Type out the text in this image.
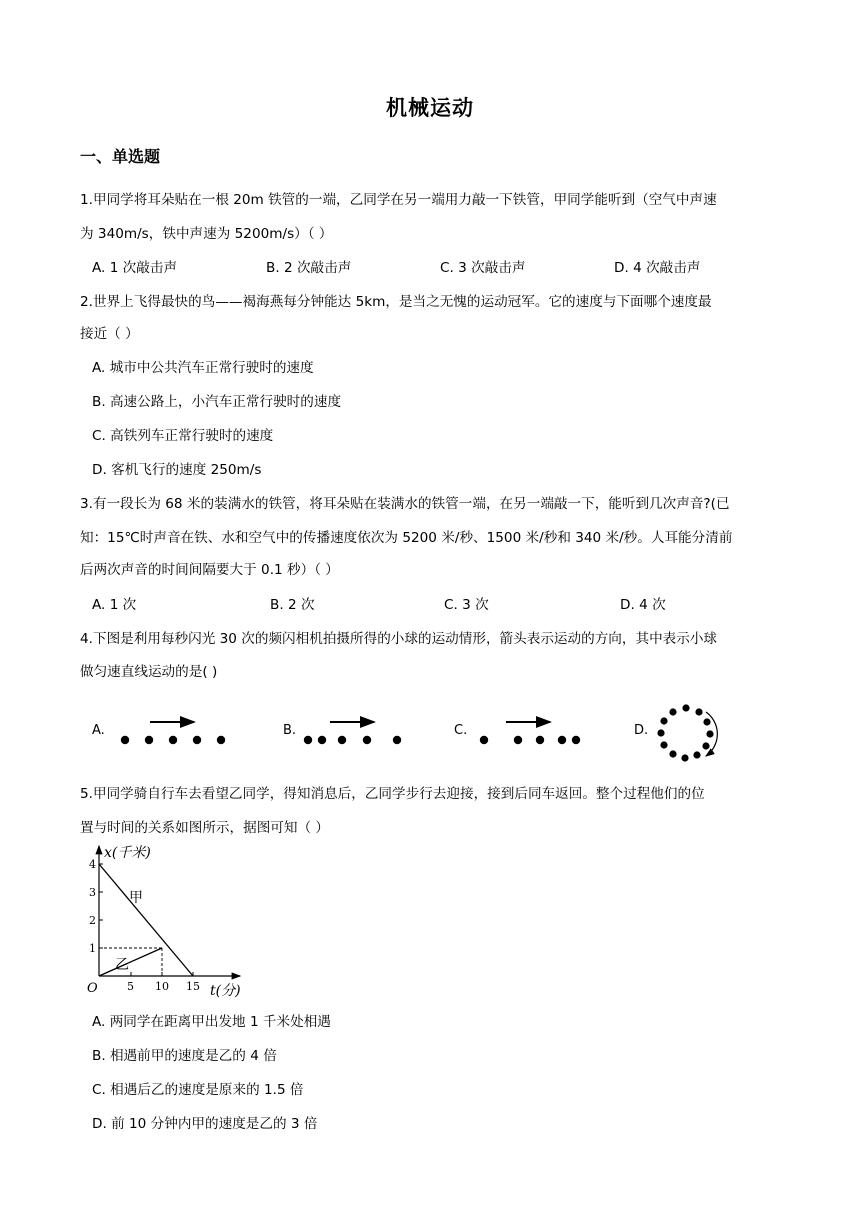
机械运动
一、单选题
1.甲同学将耳朵贴在一根 20m 铁管的一端，乙同学在另一端用力敲一下铁管，甲同学能听到（空气中声速
为 340m/s，铁中声速为 5200m/s）（ ）
A. 1 次敲击声	B. 2 次敲击声	C. 3 次敲击声	D. 4 次敲击声
2.世界上飞得最快的鸟——褐海燕每分钟能达 5km，是当之无愧的运动冠军。它的速度与下面哪个速度最
接近（ ）
A. 城市中公共汽车正常行驶时的速度
B. 高速公路上，小汽车正常行驶时的速度
C. 高铁列车正常行驶时的速度
D. 客机飞行的速度 250m/s
3.有一段长为 68 米的装满水的铁管，将耳朵贴在装满水的铁管一端，在另一端敲一下，能听到几次声音?(已
知：15℃时声音在铁、水和空气中的传播速度依次为 5200 米/秒、1500 米/秒和 340 米/秒。人耳能分清前
后两次声音的时间间隔要大于 0.1 秒）（ ）
A. 1 次	B. 2 次	C. 3 次	D. 4 次
4.下图是利用每秒闪光 30 次的频闪相机拍摄所得的小球的运动情形，箭头表示运动的方向，其中表示小球
做匀速直线运动的是( )
A.	B.	C.	D.
5.甲同学骑自行车去看望乙同学，得知消息后，乙同学步行去迎接，接到后同车返回。整个过程他们的位
置与时间的关系如图所示，据图可知（ ）
x(千米)
t(分)
O
1
2
3
4
5 10 15
甲
乙
A. 两同学在距离甲出发地 1 千米处相遇
B. 相遇前甲的速度是乙的 4 倍
C. 相遇后乙的速度是原来的 1.5 倍
D. 前 10 分钟内甲的速度是乙的 3 倍
